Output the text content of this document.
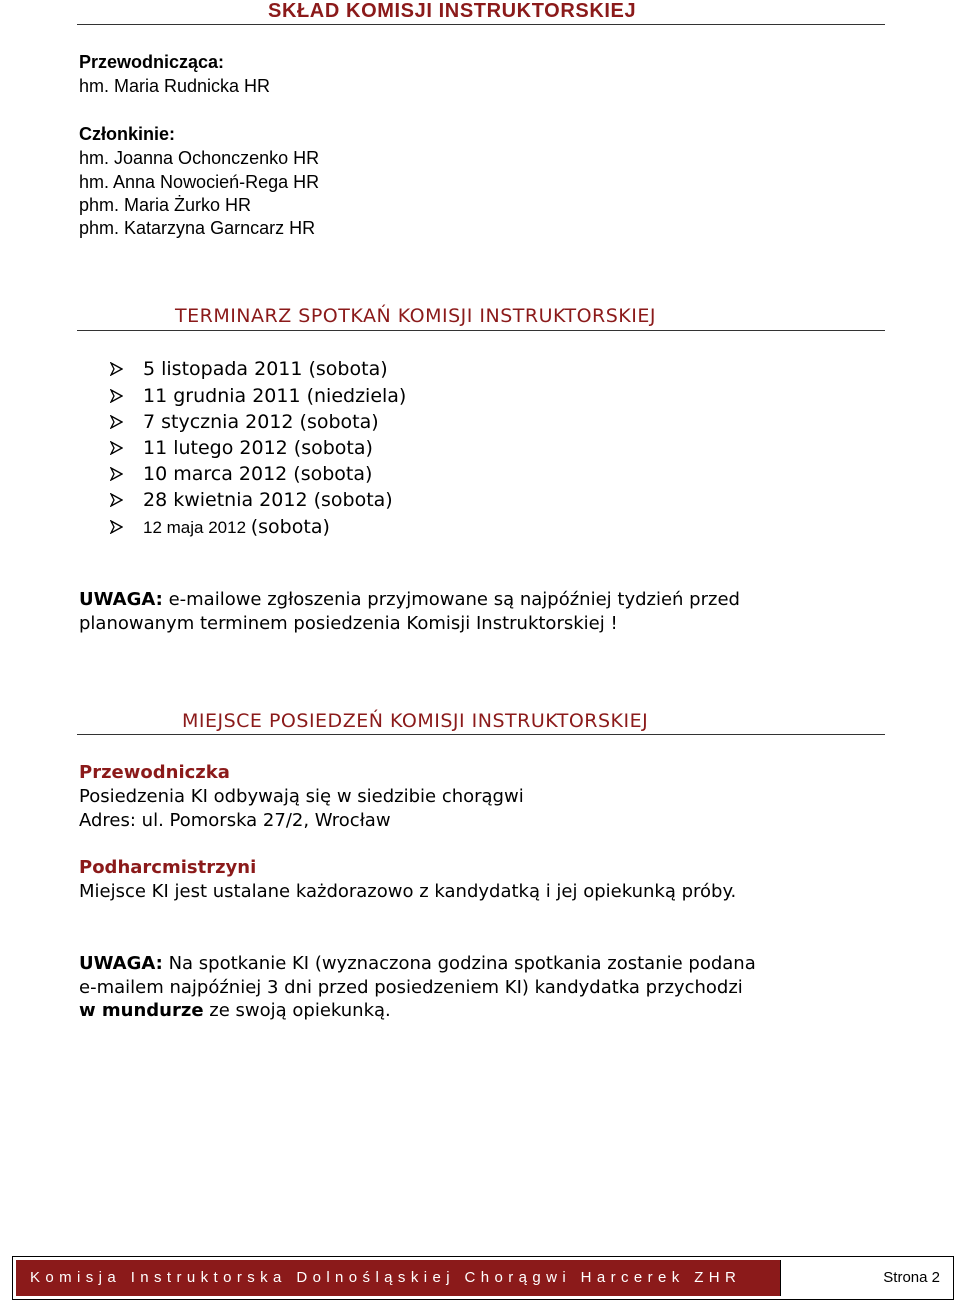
SKŁAD KOMISJI INSTRUKTORSKIEJ
Przewodnicząca:
hm. Maria Rudnicka HR
Członkinie:
hm. Joanna Ochonczenko HR
hm. Anna Nowocień-Rega HR
phm. Maria Żurko HR
phm. Katarzyna Garncarz HR
TERMINARZ SPOTKAŃ KOMISJI INSTRUKTORSKIEJ
5 listopada 2011 (sobota)
11 grudnia 2011 (niedziela)
7 stycznia 2012 (sobota)
11 lutego 2012 (sobota)
10 marca 2012 (sobota)
28 kwietnia 2012 (sobota)
12 maja 2012 (sobota)
UWAGA: e-mailowe zgłoszenia przyjmowane są najpóźniej tydzień przed
planowanym terminem posiedzenia Komisji Instruktorskiej !
MIEJSCE POSIEDZEŃ KOMISJI INSTRUKTORSKIEJ
Przewodniczka
Posiedzenia KI odbywają się w siedzibie chorągwi
Adres: ul. Pomorska 27/2, Wrocław
Podharcmistrzyni
Miejsce KI jest ustalane każdorazowo z kandydatką i jej opiekunką próby.
UWAGA: Na spotkanie KI (wyznaczona godzina spotkania zostanie podana
e-mailem najpóźniej 3 dni przed posiedzeniem KI) kandydatka przychodzi
w mundurze ze swoją opiekunką.
Komisja Instruktorska Dolnośląskiej Chorągwi Harcerek ZHR	Strona 2
